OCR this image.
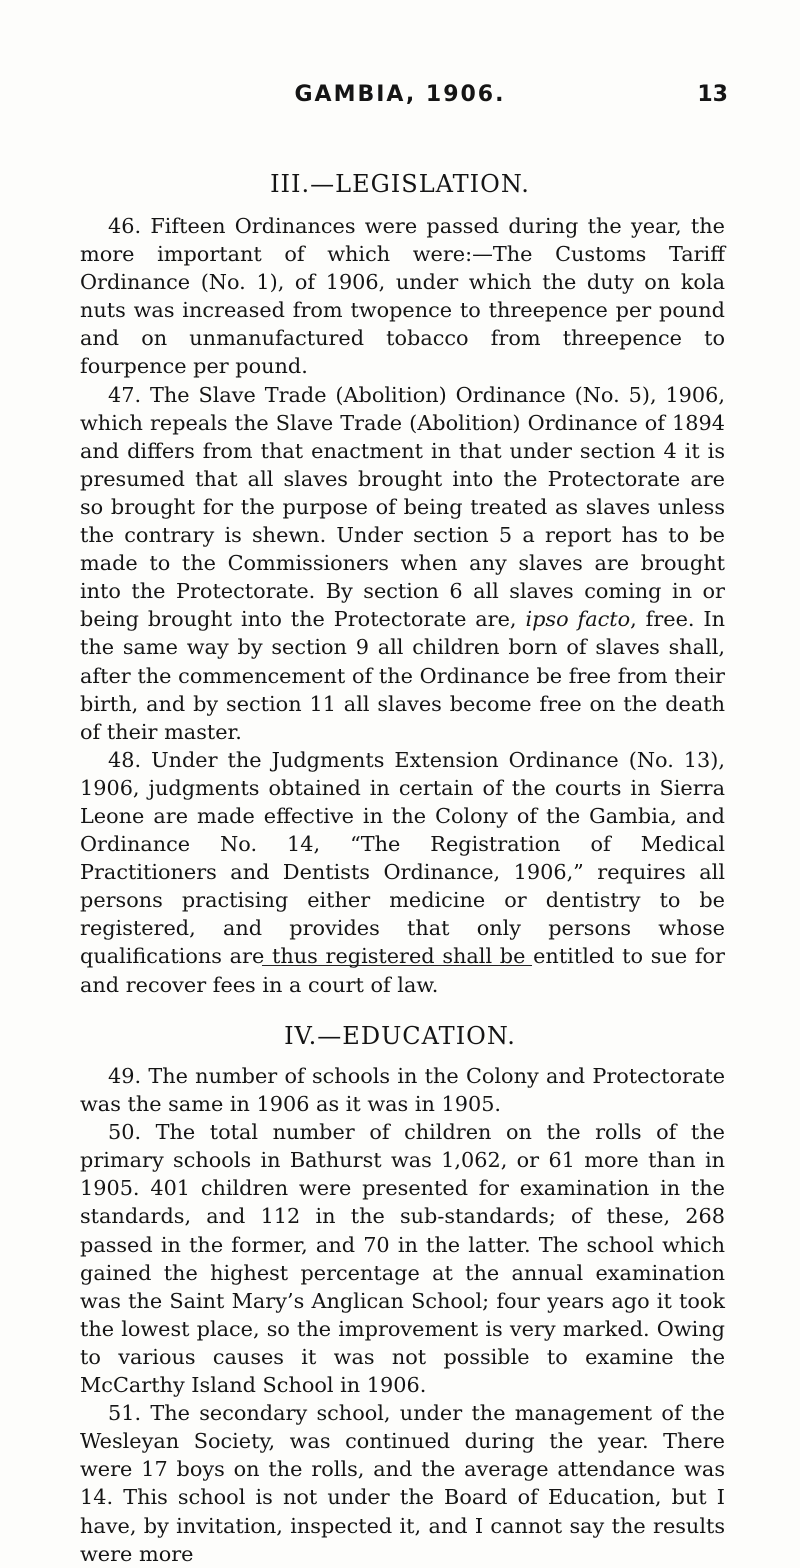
GAMBIA, 1906.	13
III.—LEGISLATION.

46. Fifteen Ordinances were passed during the year, the more important of which were:—The Customs Tariff Ordinance (No. 1), of 1906, under which the duty on kola nuts was increased from twopence to threepence per pound and on unmanufactured tobacco from threepence to fourpence per pound.

47. The Slave Trade (Abolition) Ordinance (No. 5), 1906, which repeals the Slave Trade (Abolition) Ordinance of 1894 and differs from that enactment in that under section 4 it is presumed that all slaves brought into the Protectorate are so brought for the purpose of being treated as slaves unless the contrary is shewn. Under section 5 a report has to be made to the Commissioners when any slaves are brought into the Protectorate. By section 6 all slaves coming in or being brought into the Protectorate are, ipso facto, free. In the same way by section 9 all children born of slaves shall, after the commencement of the Ordinance be free from their birth, and by section 11 all slaves become free on the death of their master.

48. Under the Judgments Extension Ordinance (No. 13), 1906, judgments obtained in certain of the courts in Sierra Leone are made effective in the Colony of the Gambia, and Ordinance No. 14, “The Registration of Medical Practitioners and Dentists Ordinance, 1906,” requires all persons practising either medicine or dentistry to be registered, and provides that only persons whose qualifications are thus registered shall be entitled to sue for and recover fees in a court of law.

IV.—EDUCATION.

49. The number of schools in the Colony and Protectorate was the same in 1906 as it was in 1905.

50. The total number of children on the rolls of the primary schools in Bathurst was 1,062, or 61 more than in 1905. 401 children were presented for examination in the standards, and 112 in the sub-standards; of these, 268 passed in the former, and 70 in the latter. The school which gained the highest percentage at the annual examination was the Saint Mary’s Anglican School; four years ago it took the lowest place, so the improvement is very marked. Owing to various causes it was not possible to examine the McCarthy Island School in 1906.

51. The secondary school, under the management of the Wesleyan Society, was continued during the year. There were 17 boys on the rolls, and the average attendance was 14. This school is not under the Board of Education, but I have, by invitation, inspected it, and I cannot say the results were more
